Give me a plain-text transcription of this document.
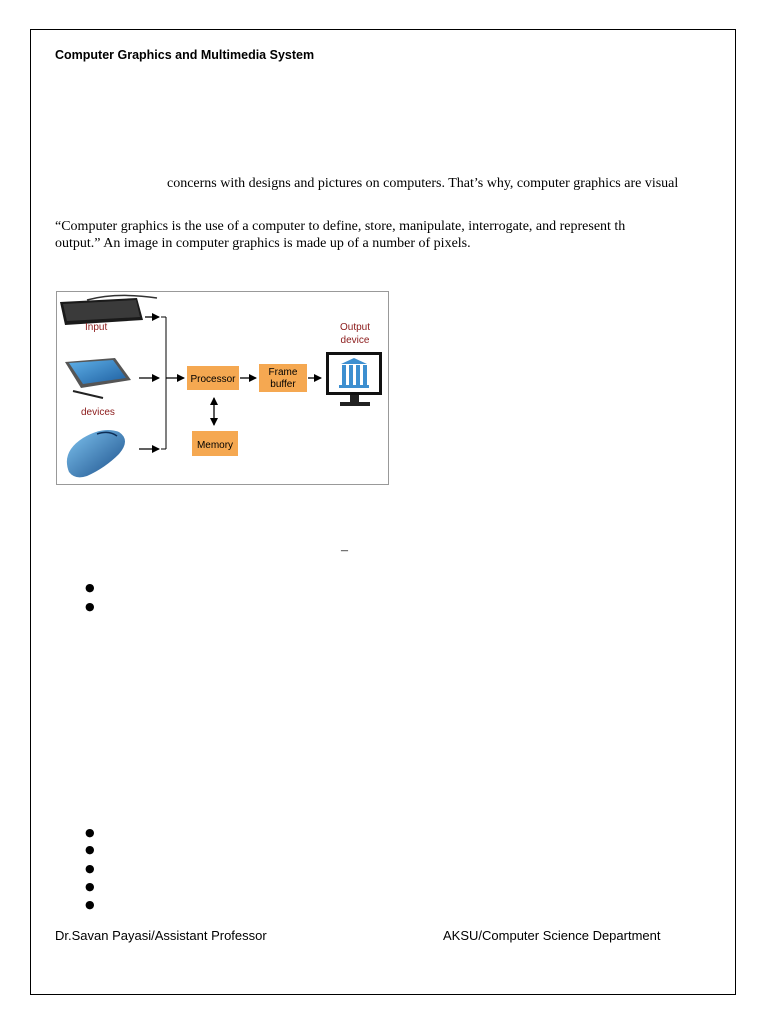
Computer Graphics and Multimedia System
concerns with designs and pictures on computers. That’s why, computer graphics are visual
“Computer graphics is the use of a computer to define, store, manipulate, interrogate, and represent th
output.” An image in computer graphics is made up of a number of pixels.
Input
devices
Processor
Frame
buffer
Memory
Output
device
–
●
●
●
●
●
●
●
Dr.Savan Payasi/Assistant Professor	AKSU/Computer Science Department
